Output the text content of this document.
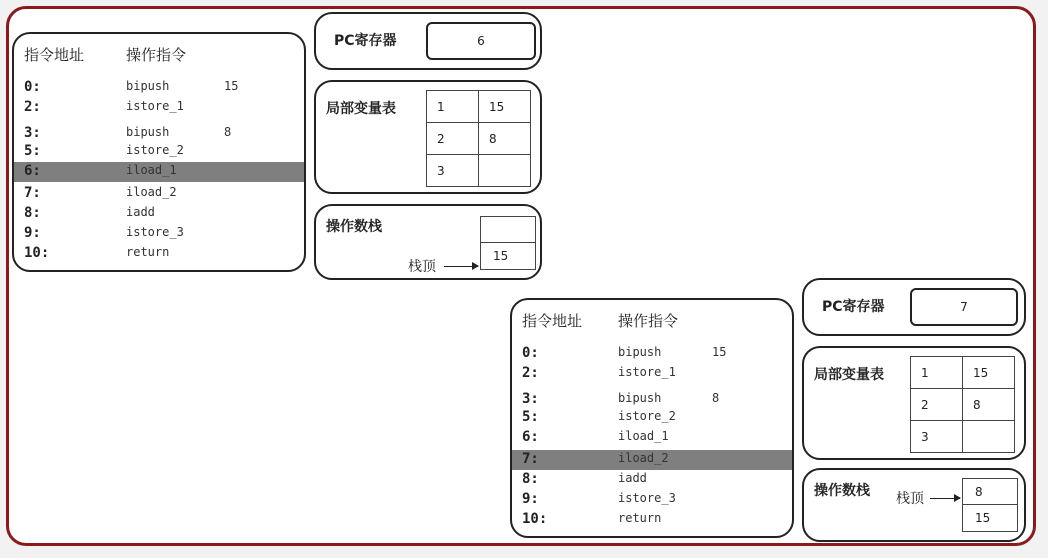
指令地址	操作指令
0:	bipush	15
2:	istore_1
3:	bipush	8
5:	istore_2
6:	iload_1
7:	iload_2
8:	iadd
9:	istore_3
10:	return
PC寄存器	6
局部变量表	1	15
2	8
3	
操作数栈
栈顶
15
指令地址 操作指令
0:	bipush	15
2:	istore_1
3:	bipush	8
5:	istore_2
6:	iload_1
7:	iload_2
8:	iadd
9:	istore_3
10:	return
PC寄存器	7
局部变量表	1	15
2	8
3	
操作数栈 栈顶	8
15
